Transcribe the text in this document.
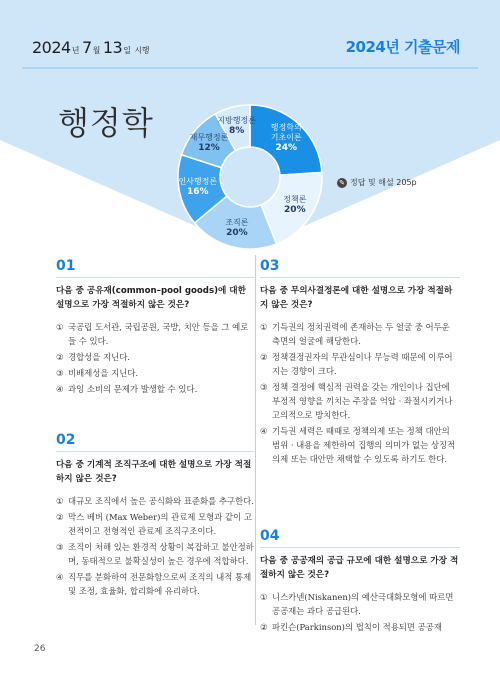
2024년 7월 13일 시행	2024년 기출문제
행정학	행정학의
기초이론
24%
정책론
20%
조직론
20%
인사행정론
16%
재무행정론
12%
지방행정론
8%
✎ 정답 및 해설 205p
01
다음 중 공유재(common–pool goods)에 대한 설명으로 가장 적절하지 않은 것은?
① 국공립 도서관, 국립공원, 국방, 치안 등을 그 예로 들 수 있다.
② 경합성을 지닌다.
③ 비배제성을 지닌다.
④ 과잉 소비의 문제가 발생할 수 있다.
02
다음 중 기계적 조직구조에 대한 설명으로 가장 적절하지 않은 것은?
① 대규모 조직에서 높은 공식화와 표준화를 추구한다.
② 막스 베버 (Max Weber)의 관료제 모형과 같이 고전적이고 전형적인 관료제 조직구조이다.
③ 조직이 처해 있는 환경적 상황이 복잡하고 불안정하며, 동태적으로 불확실성이 높은 경우에 적합하다.
④ 직무를 분화하여 전문화함으로써 조직의 내적 통제 및 조정, 효율화, 합리화에 유리하다.
03
다음 중 무의사결정론에 대한 설명으로 가장 적절하지 않은 것은?
① 기득권의 정치권력에 존재하는 두 얼굴 중 어두운 측면의 얼굴에 해당한다.
② 정책결정권자의 무관심이나 무능력 때문에 이루어지는 경향이 크다.
③ 정책 결정에 핵심적 권력을 갖는 개인이나 집단에 부정적 영향을 끼치는 주장을 억압 · 좌절시키거나 고의적으로 방치한다.
④ 기득권 세력은 때때로 정책의제 또는 정책 대안의 범위 · 내용을 제한하여 집행의 의미가 없는 상징적 의제 또는 대안만 채택할 수 있도록 하기도 한다.
04
다음 중 공공재의 공급 규모에 대한 설명으로 가장 적절하지 않은 것은?
① 니스카넨(Niskanen)의 예산극대화모형에 따르면 공공재는 과다 공급된다.
② 파킨슨(Parkinson)의 법칙이 적용되면 공공재
26
